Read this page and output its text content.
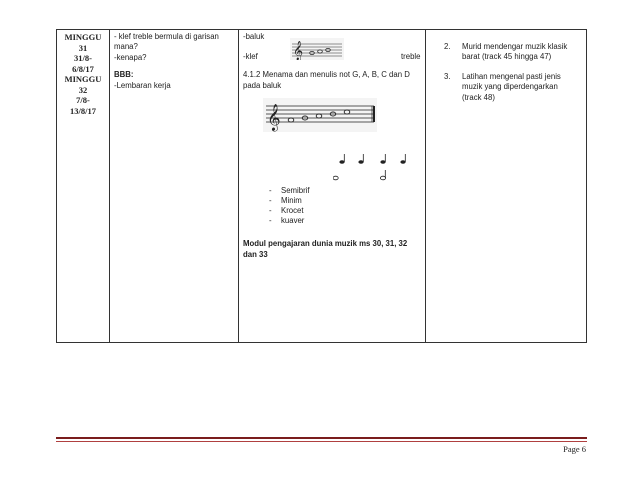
MINGGU
31
31/8-
6/8/17
MINGGU
32
7/8-
13/8/17

- klef treble bermula di garisan mana?
-kenapa?
BBB:
-Lembaran kerja

𝄞
-baluk
-klef	treble
4.1.2 Menama dan menulis not G, A, B, C dan D pada baluk
𝄞
- Semibrif
- Minim
- Krocet
- kuaver
Modul pengajaran dunia muzik ms 30, 31, 32 dan 33

2. Murid mendengar muzik klasik barat (track 45 hingga 47)
3. Latihan mengenal pasti jenis muzik yang diperdengarkan (track 48)
Page 6
